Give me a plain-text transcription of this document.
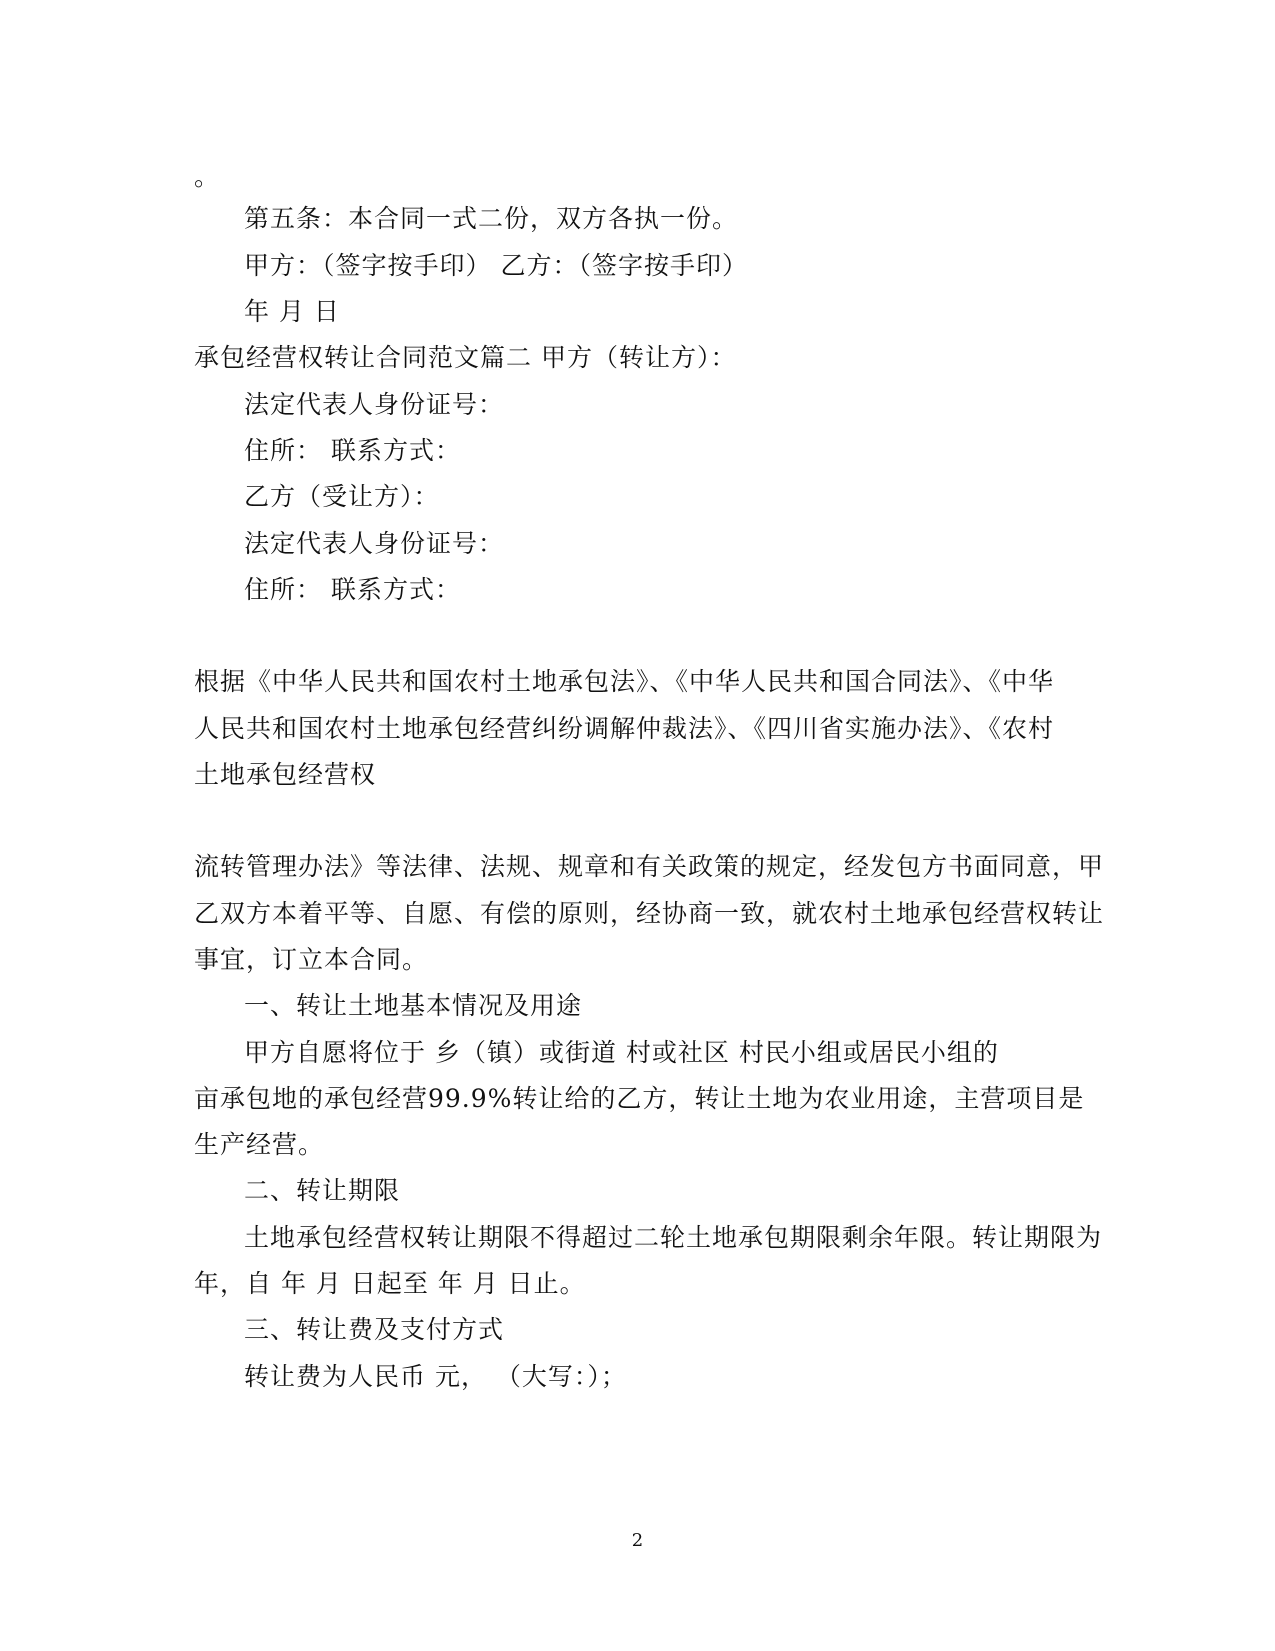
。
第五条：本合同一式二份，双方各执一份。
甲方：（签字按手印） 乙方：（签字按手印）
年 月 日
承包经营权转让合同范文篇二 甲方（转让方）：
法定代表人身份证号：
住所： 联系方式：
乙方（受让方）：
法定代表人身份证号：
住所： 联系方式：
根据《中华人民共和国农村土地承包法》、《中华人民共和国合同法》、《中华
人民共和国农村土地承包经营纠纷调解仲裁法》、《四川省实施办法》、《农村
土地承包经营权
流转管理办法》等法律、法规、规章和有关政策的规定，经发包方书面同意，甲
乙双方本着平等、自愿、有偿的原则，经协商一致，就农村土地承包经营权转让
事宜，订立本合同。
一、转让土地基本情况及用途
甲方自愿将位于 乡（镇）或街道 村或社区 村民小组或居民小组的
亩承包地的承包经营99.9%转让给的乙方，转让土地为农业用途，主营项目是
生产经营。
二、转让期限
土地承包经营权转让期限不得超过二轮土地承包期限剩余年限。转让期限为
年，自 年 月 日起至 年 月 日止。
三、转让费及支付方式
转让费为人民币 元， （大写：）；
2
